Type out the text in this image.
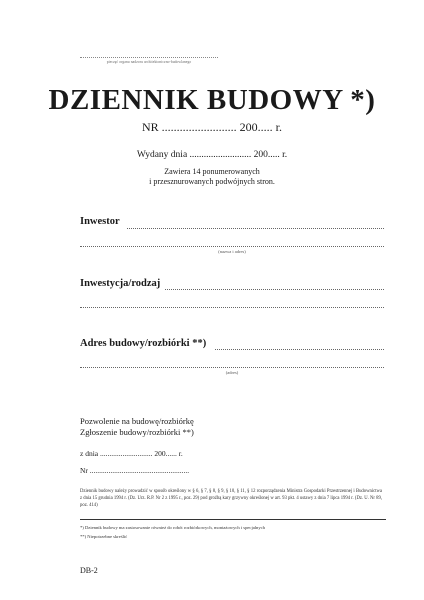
pieczęć organu nadzoru architektoniczno-budowlanego
DZIENNIK BUDOWY *)
NR ......................... 200..... r.
Wydany dnia .......................... 200..... r.
Zawiera 14 ponumerowanych
i przesznurowanych podwójnych stron.
Inwestor
(nazwa i adres)
Inwestycja/rodzaj
Adres budowy/rozbiórki **)
(adres)
Pozwolenie na budowę/rozbiórkę
Zgłoszenie budowy/rozbiórki **)
z dnia ............................ 200...... r.
Nr .....................................................
Dziennik budowy należy prowadzić w sposób określony w § 6, § 7, § 8, § 9, § 10, § 11, § 12 rozporządzenia Ministra Gospodarki Przestrzennej i Budownictwa z dnia 15 grudnia 1994 r. (Dz. Urz. R.P. Nr 2 z 1995 r., poz. 29) pod groźbą kary grzywny określonej w art. 93 pkt. 4 ustawy z dnia 7 lipca 1994 r. (Dz. U. Nr 89, poz. 414)
*) Dziennik budowy ma zastosowanie również do robót rozbiórkowych, montażowych i specjalnych
**) Niepotrzebne skreślić
DB-2
